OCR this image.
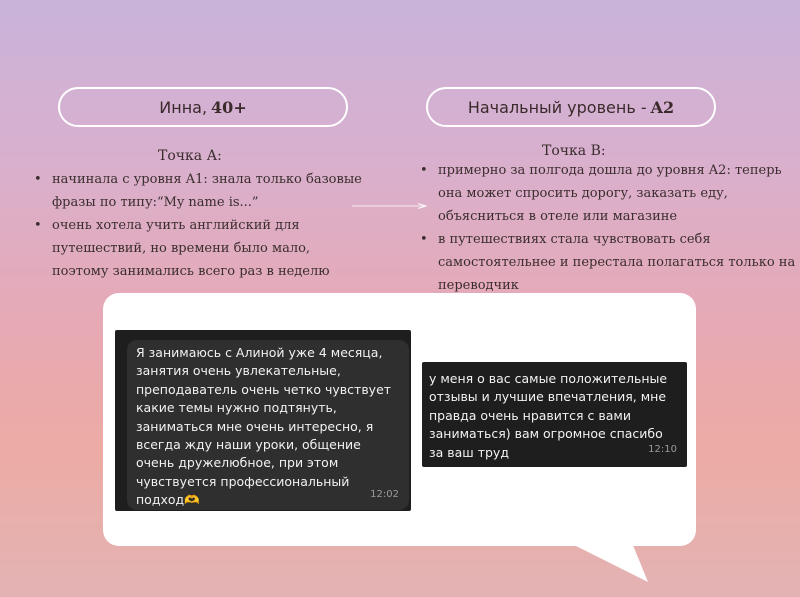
Инна, 40+	Начальный уровень - A2
Точка А:
• начинала с уровня A1: знала только базовые фразы по типу:“My name is...”
• очень хотела учить английский для путешествий, но времени было мало, поэтому занимались всего раз в неделю
Точка B:
• примерно за полгода дошла до уровня A2: теперь она может спросить дорогу, заказать еду, объясниться в отеле или магазине
• в путешествиях стала чувствовать себя самостоятельнее и перестала полагаться только на переводчик
Я занимаюсь с Алиной уже 4 месяца, занятия очень увлекательные, преподаватель очень четко чувствует какие темы нужно подтянуть, заниматься мне очень интересно, я всегда жду наши уроки, общение очень дружелюбное, при этом чувствуется профессиональный подход🫶	12:02
у меня о вас самые положительные отзывы и лучшие впечатления, мне правда очень нравится с вами заниматься) вам огромное спасибо за ваш труд	12:10
